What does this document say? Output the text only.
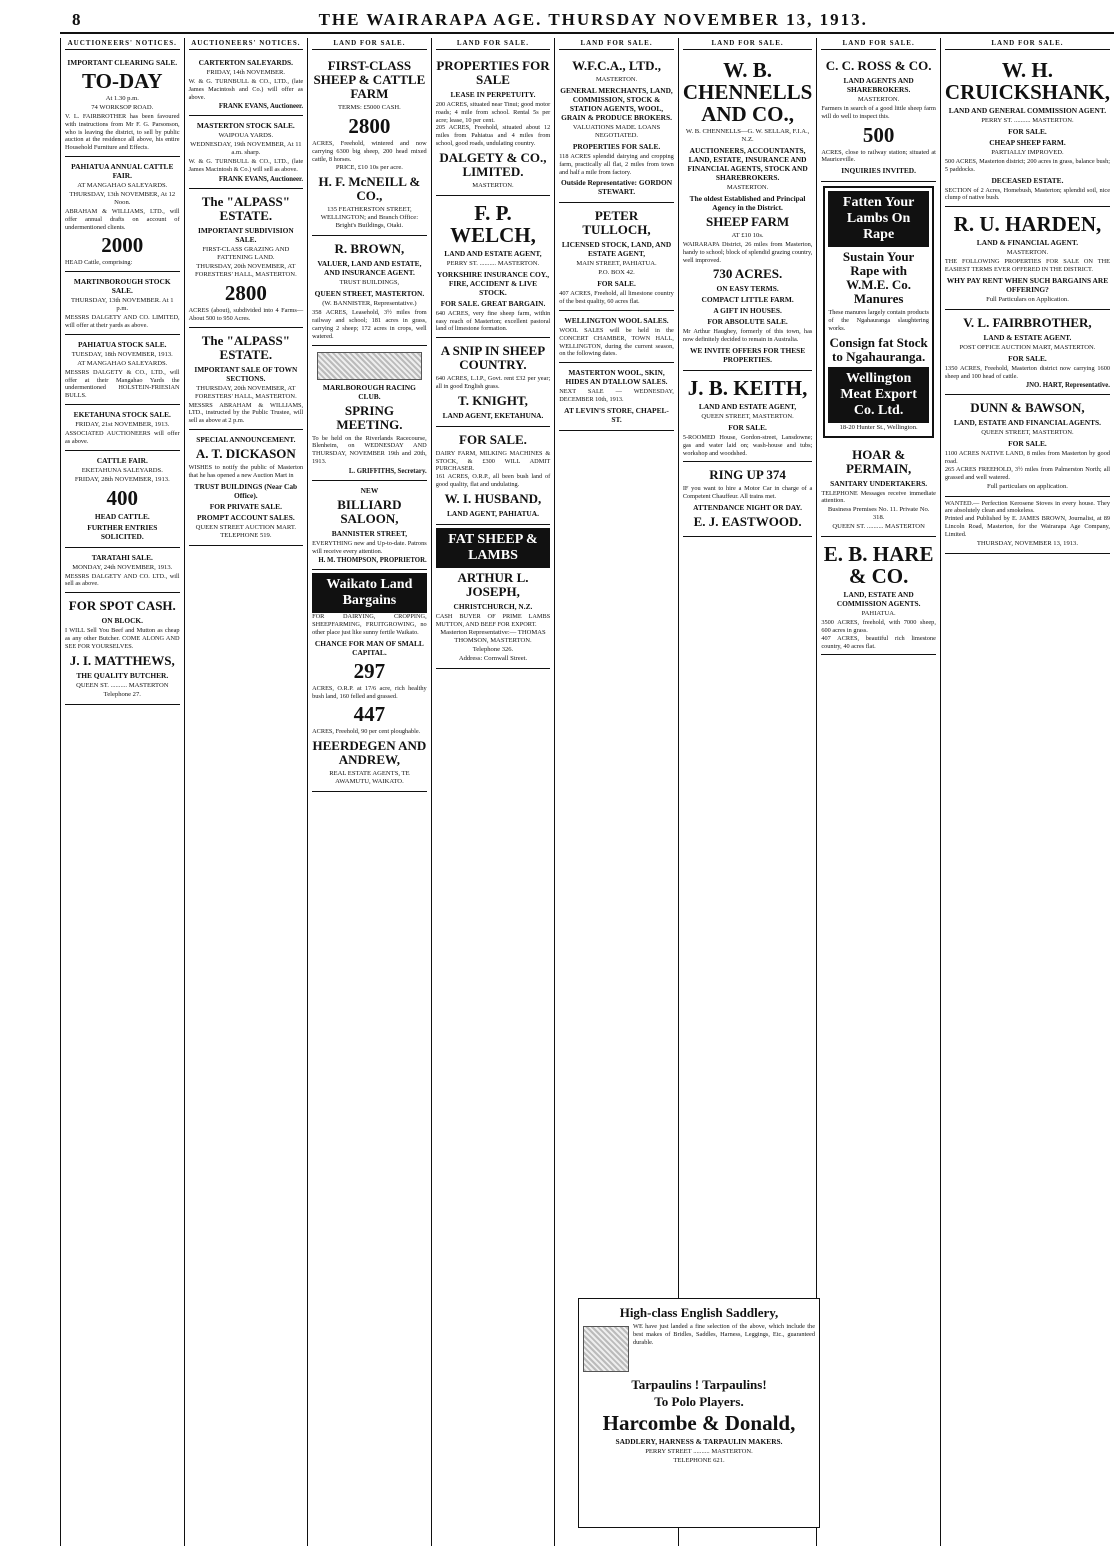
8	THE WAIRARAPA AGE. THURSDAY NOVEMBER 13, 1913.
AUCTIONEERS' NOTICES.
IMPORTANT CLEARING SALE.
TO-DAY
At 1.30 p.m.
74 WORKSOP ROAD.
V. L. FAIRBROTHER has been favoured with instructions from Mr F. G. Parsonson, who is leaving the district, to sell by public auction at the residence all above, his entire Household Furniture and Effects.
PAHIATUA ANNUAL CATTLE FAIR.
AT MANGAHAO SALEYARDS.
THURSDAY, 13th NOVEMBER, At 12 Noon.
ABRAHAM & WILLIAMS, LTD., will offer annual drafts on account of undermentioned clients.
2000
HEAD Cattle, comprising:
MARTINBOROUGH STOCK SALE.
THURSDAY, 13th NOVEMBER. At 1 p.m.
MESSRS DALGETY AND CO. LIMITED, will offer at their yards as above.
PAHIATUA STOCK SALE.
TUESDAY, 18th NOVEMBER, 1913.
AT MANGAHAO SALEYARDS.
MESSRS DALGETY & CO., LTD., will offer at their Mangahao Yards the undermentioned HOLSTEIN-FRIESIAN BULLS.
EKETAHUNA STOCK SALE.
FRIDAY, 21st NOVEMBER, 1913.
ASSOCIATED AUCTIONEERS will offer as above.
CATTLE FAIR.
EKETAHUNA SALEYARDS.
FRIDAY, 28th NOVEMBER, 1913.
400
HEAD CATTLE.
FURTHER ENTRIES SOLICITED.
TARATAHI SALE.
MONDAY, 24th NOVEMBER, 1913.
MESSRS DALGETY AND CO. LTD., will sell as above.
FOR SPOT CASH.
ON BLOCK.
I WILL Sell You Beef and Mutton as cheap as any other Butcher. COME ALONG AND SEE FOR YOURSELVES.
J. I. MATTHEWS,
THE QUALITY BUTCHER.
QUEEN ST. .......... MASTERTON
Telephone 27.
AUCTIONEERS' NOTICES.
CARTERTON SALEYARDS.
FRIDAY, 14th NOVEMBER.
W. & G. TURNBULL & CO., LTD., (late James Macintosh and Co.) will offer as above.
FRANK EVANS, Auctioneer.
MASTERTON STOCK SALE.
WAIPOUA YARDS.
WEDNESDAY, 19th NOVEMBER, At 11 a.m. sharp.
W. & G. TURNBULL & CO., LTD., (late James Macintosh & Co.) will sell as above.
FRANK EVANS, Auctioneer.
The "ALPASS" ESTATE.
IMPORTANT SUBDIVISION SALE.
FIRST-CLASS GRAZING AND FATTENING LAND.
THURSDAY, 20th NOVEMBER, AT FORESTERS' HALL, MASTERTON.
2800
ACRES (about), subdivided into 4 Farms—About 500 to 950 Acres.
The "ALPASS" ESTATE.
IMPORTANT SALE OF TOWN SECTIONS.
THURSDAY, 20th NOVEMBER, AT FORESTERS' HALL, MASTERTON.
MESSRS ABRAHAM & WILLIAMS, LTD., instructed by the Public Trustee, will sell as above at 2 p.m.
SPECIAL ANNOUNCEMENT.
A. T. DICKASON
WISHES to notify the public of Masterton that he has opened a new Auction Mart in
TRUST BUILDINGS (Near Cab Office).
FOR PRIVATE SALE.
PROMPT ACCOUNT SALES.
QUEEN STREET AUCTION MART. TELEPHONE 519.
LAND FOR SALE.
FIRST-CLASS SHEEP & CATTLE FARM
TERMS: £5000 CASH.
2800
ACRES, Freehold, wintered and now carrying 6300 big sheep, 200 head mixed cattle, 8 horses.
PRICE, £10 10s per acre.
H. F. McNEILL & CO.,
135 FEATHERSTON STREET, WELLINGTON; and Branch Office: Bright's Buildings, Otaki.
R. BROWN,
VALUER, LAND AND ESTATE, AND INSURANCE AGENT.
TRUST BUILDINGS,
QUEEN STREET, MASTERTON.
(W. BANNISTER, Representative.)
358 ACRES, Leasehold, 3½ miles from railway and school; 181 acres in grass, carrying 2 sheep; 172 acres in crops, well watered.
MARLBOROUGH RACING CLUB.
SPRING MEETING.
To be held on the Riverlands Racecourse, Blenheim, on WEDNESDAY AND THURSDAY, NOVEMBER 19th and 20th, 1913.
L. GRIFFITHS, Secretary.
NEW
BILLIARD SALOON,
BANNISTER STREET,
EVERYTHING new and Up-to-date. Patrons will receive every attention.
H. M. THOMPSON, PROPRIETOR.
Waikato Land Bargains
FOR DAIRYING, CROPPING, SHEEPFARMING, FRUITGROWING, no other place just like sunny fertile Waikato.
CHANCE FOR MAN OF SMALL CAPITAL.
297
ACRES, O.R.P. at 17/6 acre, rich healthy bush land, 160 felled and grassed.
447
ACRES, Freehold, 90 per cent ploughable.
HEERDEGEN AND ANDREW,
REAL ESTATE AGENTS, TE AWAMUTU, WAIKATO.
LAND FOR SALE.
PROPERTIES FOR SALE
LEASE IN PERPETUITY.
200 ACRES, situated near Tinui; good motor roads; 4 mile from school. Rental 5s per acre; lease, 10 per cent.
205 ACRES, Freehold, situated about 12 miles from Pahiatua and 4 miles from school, good roads, undulating country.
DALGETY & CO., LIMITED.
MASTERTON.
F. P. WELCH,
LAND AND ESTATE AGENT,
PERRY ST. .......... MASTERTON.
YORKSHIRE INSURANCE COY., FIRE, ACCIDENT & LIVE STOCK.
FOR SALE. GREAT BARGAIN.
640 ACRES, very fine sheep farm, within easy reach of Masterton; excellent pastoral land of limestone formation.
A SNIP IN SHEEP COUNTRY.
640 ACRES, L.I.P., Govt. rent £32 per year; all in good English grass.
T. KNIGHT,
LAND AGENT, EKETAHUNA.
FOR SALE.
DAIRY FARM, MILKING MACHINES & STOCK, & £300 WILL ADMIT PURCHASER.
161 ACRES, O.R.P., all been bush land of good quality, flat and undulating.
W. I. HUSBAND,
LAND AGENT, PAHIATUA.
FAT SHEEP & LAMBS
ARTHUR L. JOSEPH,
CHRISTCHURCH, N.Z.
CASH BUYER OF PRIME LAMBS MUTTON, AND BEEF FOR EXPORT.
Masterton Representative:— THOMAS THOMSON, MASTERTON.
Telephone 326.
Address: Cornwall Street.
LAND FOR SALE.
W.F.C.A., LTD.,
MASTERTON.
GENERAL MERCHANTS, LAND, COMMISSION, STOCK & STATION AGENTS, WOOL, GRAIN & PRODUCE BROKERS.
VALUATIONS MADE. LOANS NEGOTIATED.
PROPERTIES FOR SALE.
118 ACRES splendid dairying and cropping farm, practically all flat, 2 miles from town and half a mile from factory.
Outside Representative: GORDON STEWART.
PETER TULLOCH,
LICENSED STOCK, LAND, AND ESTATE AGENT,
MAIN STREET, PAHIATUA.
P.O. BOX 42.
FOR SALE.
407 ACRES, Freehold, all limestone country of the best quality, 60 acres flat.
WELLINGTON WOOL SALES.
WOOL SALES will be held in the CONCERT CHAMBER, TOWN HALL, WELLINGTON, during the current season, on the following dates.
MASTERTON WOOL, SKIN, HIDES AN DTALLOW SALES.
NEXT SALE — WEDNESDAY, DECEMBER 10th, 1913.
AT LEVIN'S STORE, CHAPEL-ST.
LAND FOR SALE.
W. B. CHENNELLS AND CO.,
W. B. CHENNELLS—G. W. SELLAR, F.I.A., N.Z.
AUCTIONEERS, ACCOUNTANTS, LAND, ESTATE, INSURANCE AND FINANCIAL AGENTS, STOCK AND SHAREBROKERS.
MASTERTON.
The oldest Established and Principal Agency in the District.
SHEEP FARM
AT £10 10s.
WAIRARAPA District, 26 miles from Masterton, handy to school; block of splendid grazing country, well improved.
730 ACRES.
ON EASY TERMS.
COMPACT LITTLE FARM.
A GIFT IN HOUSES.
FOR ABSOLUTE SALE.
Mr Arthur Haughey, formerly of this town, has now definitely decided to remain in Australia.
WE INVITE OFFERS FOR THESE PROPERTIES.
J. B. KEITH,
LAND AND ESTATE AGENT,
QUEEN STREET, MASTERTON.
FOR SALE.
5-ROOMED House, Gordon-street, Lansdowne; gas and water laid on; wash-house and tubs; workshop and woodshed.
RING UP 374
IF you want to hire a Motor Car in charge of a Competent Chauffeur. All trains met.
ATTENDANCE NIGHT OR DAY.
E. J. EASTWOOD.
LAND FOR SALE.
C. C. ROSS & CO.
LAND AGENTS AND SHAREBROKERS.
MASTERTON.
Farmers in search of a good little sheep farm will do well to inspect this.
500
ACRES, close to railway station; situated at Mauriceville.
INQUIRIES INVITED.
Fatten Your Lambs On Rape
Sustain Your Rape with W.M.E. Co. Manures
These manures largely contain products of the Ngahauranga slaughtering works.
Consign fat Stock to Ngahauranga.
Wellington Meat Export Co. Ltd.
18-20 Hunter St., Wellington.
HOAR & PERMAIN,
SANITARY UNDERTAKERS.
TELEPHONE Messages receive immediate attention.
Business Premises No. 11. Private No. 318.
QUEEN ST. .......... MASTERTON
E. B. HARE & CO.
LAND, ESTATE AND COMMISSION AGENTS.
PAHIATUA.
3500 ACRES, freehold, with 7000 sheep, 600 acres in grass.
407 ACRES, beautiful rich limestone country, 40 acres flat.
LAND FOR SALE.
W. H. CRUICKSHANK,
LAND AND GENERAL COMMISSION AGENT.
PERRY ST. .......... MASTERTON.
FOR SALE.
CHEAP SHEEP FARM.
PARTIALLY IMPROVED.
500 ACRES, Masterton district; 200 acres in grass, balance bush; 5 paddocks.
DECEASED ESTATE.
SECTION of 2 Acres, Homebush, Masterton; splendid soil, nice clump of native bush.
R. U. HARDEN,
LAND & FINANCIAL AGENT.
MASTERTON.
THE FOLLOWING PROPERTIES FOR SALE ON THE EASIEST TERMS EVER OFFERED IN THE DISTRICT.
WHY PAY RENT WHEN SUCH BARGAINS ARE OFFERING?
Full Particulars on Application.
V. L. FAIRBROTHER,
LAND & ESTATE AGENT.
POST OFFICE AUCTION MART, MASTERTON.
FOR SALE.
1350 ACRES, Freehold, Masterton district now carrying 1600 sheep and 100 head of cattle.
JNO. HART, Representative.
DUNN & BAWSON,
LAND, ESTATE AND FINANCIAL AGENTS.
QUEEN STREET, MASTERTON.
FOR SALE.
1100 ACRES NATIVE LAND, 8 miles from Masterton by good road.
265 ACRES FREEHOLD, 3½ miles from Palmerston North; all grassed and well watered.
Full particulars on application.
WANTED.— Perfection Kerosene Stoves in every house. They are absolutely clean and smokeless.
Printed and Published by E. JAMES BROWN, Journalist, at 89 Lincoln Road, Masterton, for the Wairarapa Age Company, Limited.
THURSDAY, NOVEMBER 13, 1913.
High-class English Saddlery,
WE have just landed a fine selection of the above, which include the best makes of Bridles, Saddles, Harness, Leggings, Etc., guaranteed durable.
Tarpaulins ! Tarpaulins!
To Polo Players.
Harcombe & Donald,
SADDLERY, HARNESS & TARPAULIN MAKERS.
PERRY STREET .......... MASTERTON.
TELEPHONE 621.
